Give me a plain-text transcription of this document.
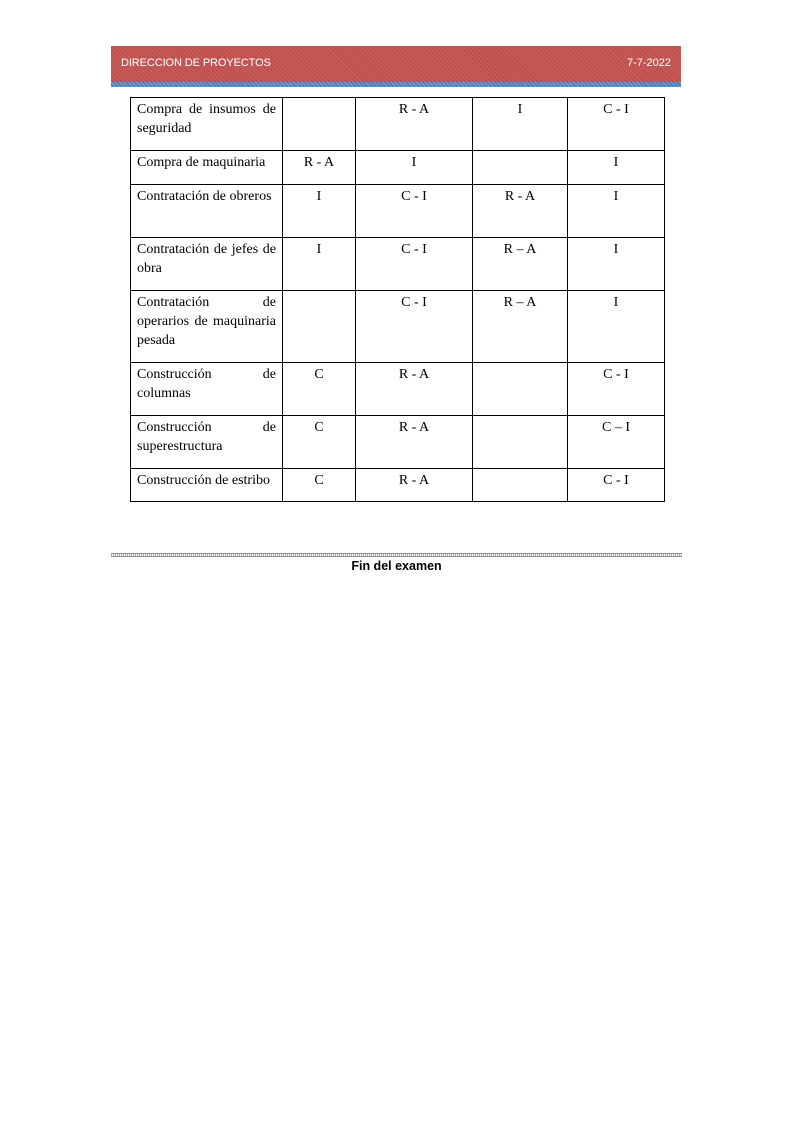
DIRECCION DE PROYECTOS	7-7-2022
Compra de insumos de seguridad		R - A	I	C - I
Compra de maquinaria	R - A	I		I
Contratación de obreros	I	C - I	R - A	I
Contratación de jefes de obra	I	C - I	R – A	I
Contratación de operarios de maquinaria pesada		C - I	R – A	I
Construcción de columnas	C	R - A		C - I
Construcción de superestructura	C	R - A		C – I
Construcción de estribo	C	R - A		C - I
Fin del examen
